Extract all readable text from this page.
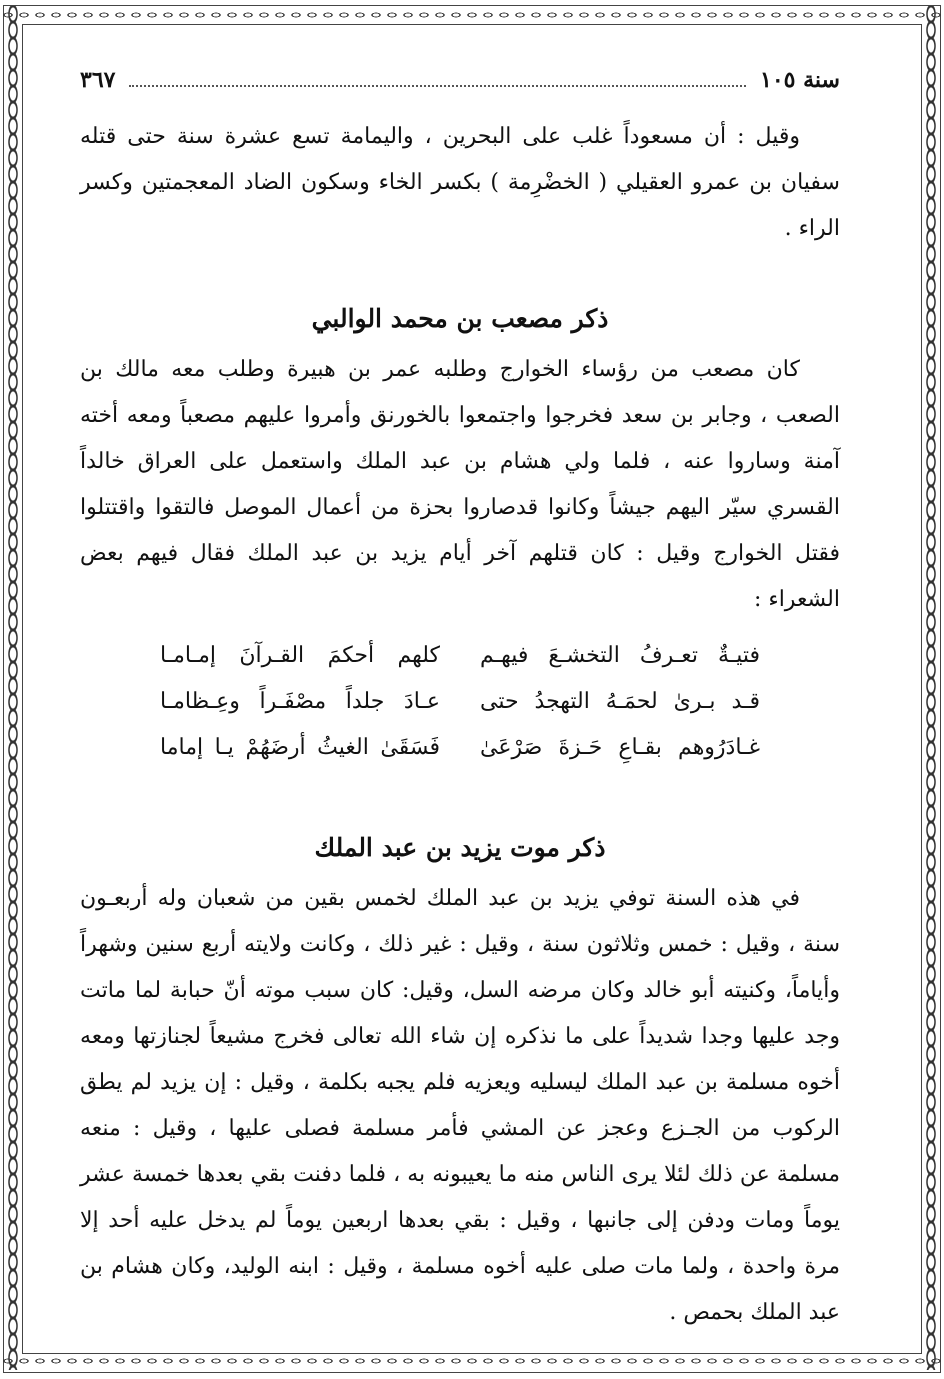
سنة ١٠٥
٣٦٧

وقيل : أن مسعوداً غلب على البحرين ، واليمامة تسع عشرة سنة حتى قتله سفيان بن عمرو العقيلي ( الخضْرِمة ) بكسر الخاء وسكون الضاد المعجمتين وكسر الراء .

ذكر مصعب بن محمد الوالبي

كان مصعب من رؤساء الخوارج وطلبه عمر بن هبيرة وطلب معه مالك بن الصعب ، وجابر بن سعد فخرجوا واجتمعوا بالخورنق وأمروا عليهم مصعباً ومعه أخته آمنة وساروا عنه ، فلما ولي هشام بن عبد الملك واستعمل على العراق خالداً القسري سيّر اليهم جيشاً وكانوا قدصاروا بحزة من أعمال الموصل فالتقوا واقتتلوا فقتل الخوارج وقيل : كان قتلهم آخر أيام يزيد بن عبد الملك فقال فيهم بعض الشعراء :

فتيـةٌ تعـرفُ التخشـعَ فيهـم
كلهم أحكمَ القـرآنَ إمـامـا
قـد بـرىٰ لحمَـهُ التهجدُ حتى
عـادَ جلداً مصْفَـراً وعِـظامـا
غـادَرُوهم بقـاعِ حَـزةَ صَرْعَىٰ
فَسَقَىٰ الغيثُ أرضَهُمْ يـا إماما
ذكر موت يزيد بن عبد الملك

في هذه السنة توفي يزيد بن عبد الملك لخمس بقين من شعبان وله أربعـون سنة ، وقيل : خمس وثلاثون سنة ، وقيل : غير ذلك ، وكانت ولايته أربع سنين وشهراً وأياماً، وكنيته أبو خالد وكان مرضه السل، وقيل: كان سبب موته أنّ حبابة لما ماتت وجد عليها وجدا شديداً على ما نذكره إن شاء الله تعالى فخرج مشيعاً لجنازتها ومعه أخوه مسلمة بن عبد الملك ليسليه ويعزيه فلم يجبه بكلمة ، وقيل : إن يزيد لم يطق الركوب من الجـزع وعجز عن المشي فأمر مسلمة فصلى عليها ، وقيل : منعه مسلمة عن ذلك لئلا يرى الناس منه ما يعيبونه به ، فلما دفنت بقي بعدها خمسة عشر يوماً ومات ودفن إلى جانبها ، وقيل : بقي بعدها اربعين يوماً لم يدخل عليه أحد إلا مرة واحدة ، ولما مات صلى عليه أخوه مسلمة ، وقيل : ابنه الوليد، وكان هشام بن عبد الملك بحمص .
